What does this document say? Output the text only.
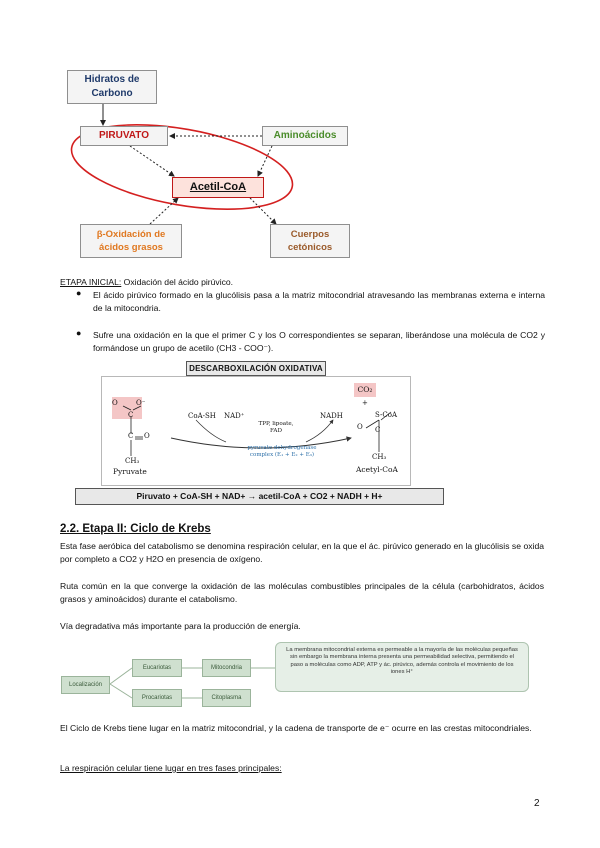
Hidratos de Carbono
PIRUVATO	Aminoácidos
Acetil-CoA
β-Oxidación de ácidos grasos
Cuerpos cetónicos
ETAPA INICIAL: Oxidación del ácido pirúvico.
● El ácido pirúvico formado en la glucólisis pasa a la matriz mitocondrial atravesando las membranas externa e interna de la mitocondria.
● Sufre una oxidación en la que el primer C y los O correspondientes se separan, liberándose una molécula de CO2 y formándose un grupo de acetilo (CH3 - COO⁻).
DESCARBOXILACIÓN OXIDATIVA
O	O⁻
C
C O
CH₃
Pyruvate
CoA-SH NAD⁺
TPP, lipoate, FAD
NADH
pyruvate dehydrogenase complex (E₁ + E₂ + E₃)
CO₂
+
O
S-CoA
C
CH₃
Acetyl-CoA
Piruvato + CoA-SH + NAD+ → acetil-CoA + CO2 + NADH + H+
2.2. Etapa II: Ciclo de Krebs
Esta fase aeróbica del catabolismo se denomina respiración celular, en la que el ác. pirúvico generado en la glucólisis se oxida por completo a CO2 y H2O en presencia de oxígeno.
Ruta común en la que converge la oxidación de las moléculas combustibles principales de la célula (carbohidratos, ácidos grasos y aminoácidos) durante el catabolismo.
Vía degradativa más importante para la producción de energía.
Localización
Eucariotas
Procariotas
Mitocondria
Citoplasma
La membrana mitocondrial externa es permeable a la mayoría de las moléculas pequeñas sin embargo la membrana interna presenta una permeabilidad selectiva, permitiendo el paso a moléculas como ADP, ATP y ác. pirúvico, además controla el movimiento de los iones H⁺
El Ciclo de Krebs tiene lugar en la matriz mitocondrial, y la cadena de transporte de e⁻ ocurre en las crestas mitocondriales.
La respiración celular tiene lugar en tres fases principales:
2
